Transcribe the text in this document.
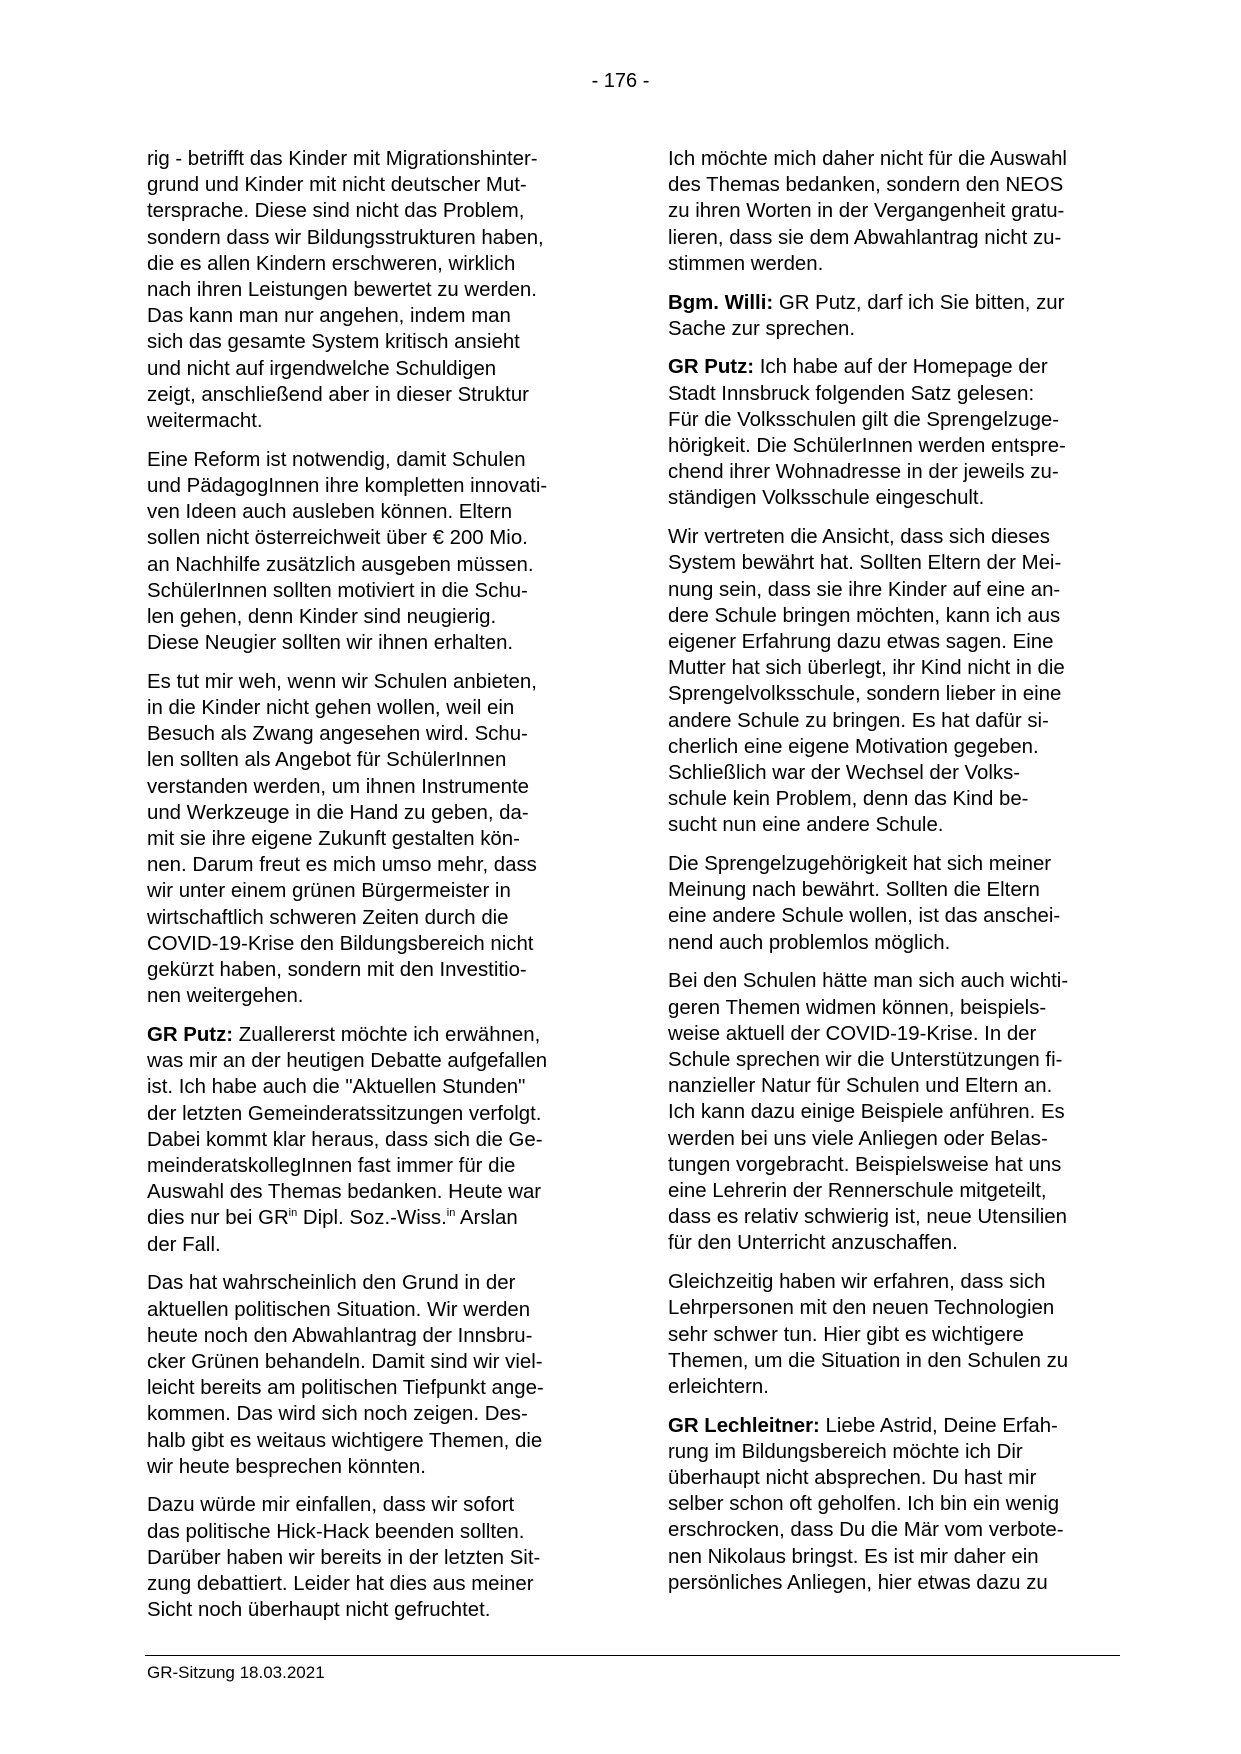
- 176 -

rig - betrifft das Kinder mit Migrationshinter-
grund und Kinder mit nicht deutscher Mut-
tersprache. Diese sind nicht das Problem,
sondern dass wir Bildungsstrukturen haben,
die es allen Kindern erschweren, wirklich
nach ihren Leistungen bewertet zu werden.
Das kann man nur angehen, indem man
sich das gesamte System kritisch ansieht
und nicht auf irgendwelche Schuldigen
zeigt, anschließend aber in dieser Struktur
weitermacht.

Eine Reform ist notwendig, damit Schulen
und PädagogInnen ihre kompletten innovati-
ven Ideen auch ausleben können. Eltern
sollen nicht österreichweit über € 200 Mio.
an Nachhilfe zusätzlich ausgeben müssen.
SchülerInnen sollten motiviert in die Schu-
len gehen, denn Kinder sind neugierig.
Diese Neugier sollten wir ihnen erhalten.

Es tut mir weh, wenn wir Schulen anbieten,
in die Kinder nicht gehen wollen, weil ein
Besuch als Zwang angesehen wird. Schu-
len sollten als Angebot für SchülerInnen
verstanden werden, um ihnen Instrumente
und Werkzeuge in die Hand zu geben, da-
mit sie ihre eigene Zukunft gestalten kön-
nen. Darum freut es mich umso mehr, dass
wir unter einem grünen Bürgermeister in
wirtschaftlich schweren Zeiten durch die
COVID-19-Krise den Bildungsbereich nicht
gekürzt haben, sondern mit den Investitio-
nen weitergehen.

GR Putz: Zuallererst möchte ich erwähnen,
was mir an der heutigen Debatte aufgefallen
ist. Ich habe auch die "Aktuellen Stunden"
der letzten Gemeinderatssitzungen verfolgt.
Dabei kommt klar heraus, dass sich die Ge-
meinderatskollegInnen fast immer für die
Auswahl des Themas bedanken. Heute war
dies nur bei $GR^{in}$ Dipl. Soz.-Wiss.$^{in}$ Arslan
der Fall.

Das hat wahrscheinlich den Grund in der
aktuellen politischen Situation. Wir werden
heute noch den Abwahlantrag der Innsbru-
cker Grünen behandeln. Damit sind wir viel-
leicht bereits am politischen Tiefpunkt ange-
kommen. Das wird sich noch zeigen. Des-
halb gibt es weitaus wichtigere Themen, die
wir heute besprechen könnten.

Dazu würde mir einfallen, dass wir sofort
das politische Hick-Hack beenden sollten.
Darüber haben wir bereits in der letzten Sit-
zung debattiert. Leider hat dies aus meiner
Sicht noch überhaupt nicht gefruchtet.

Ich möchte mich daher nicht für die Auswahl
des Themas bedanken, sondern den NEOS
zu ihren Worten in der Vergangenheit gratu-
lieren, dass sie dem Abwahlantrag nicht zu-
stimmen werden.

Bgm. Willi: GR Putz, darf ich Sie bitten, zur
Sache zur sprechen.

GR Putz: Ich habe auf der Homepage der
Stadt Innsbruck folgenden Satz gelesen:
Für die Volksschulen gilt die Sprengelzuge-
hörigkeit. Die SchülerInnen werden entspre-
chend ihrer Wohnadresse in der jeweils zu-
ständigen Volksschule eingeschult.

Wir vertreten die Ansicht, dass sich dieses
System bewährt hat. Sollten Eltern der Mei-
nung sein, dass sie ihre Kinder auf eine an-
dere Schule bringen möchten, kann ich aus
eigener Erfahrung dazu etwas sagen. Eine
Mutter hat sich überlegt, ihr Kind nicht in die
Sprengelvolksschule, sondern lieber in eine
andere Schule zu bringen. Es hat dafür si-
cherlich eine eigene Motivation gegeben.
Schließlich war der Wechsel der Volks-
schule kein Problem, denn das Kind be-
sucht nun eine andere Schule.

Die Sprengelzugehörigkeit hat sich meiner
Meinung nach bewährt. Sollten die Eltern
eine andere Schule wollen, ist das anschei-
nend auch problemlos möglich.

Bei den Schulen hätte man sich auch wichti-
geren Themen widmen können, beispiels-
weise aktuell der COVID-19-Krise. In der
Schule sprechen wir die Unterstützungen fi-
nanzieller Natur für Schulen und Eltern an.
Ich kann dazu einige Beispiele anführen. Es
werden bei uns viele Anliegen oder Belas-
tungen vorgebracht. Beispielsweise hat uns
eine Lehrerin der Rennerschule mitgeteilt,
dass es relativ schwierig ist, neue Utensilien
für den Unterricht anzuschaffen.

Gleichzeitig haben wir erfahren, dass sich
Lehrpersonen mit den neuen Technologien
sehr schwer tun. Hier gibt es wichtigere
Themen, um die Situation in den Schulen zu
erleichtern.

GR Lechleitner: Liebe Astrid, Deine Erfah-
rung im Bildungsbereich möchte ich Dir
überhaupt nicht absprechen. Du hast mir
selber schon oft geholfen. Ich bin ein wenig
erschrocken, dass Du die Mär vom verbote-
nen Nikolaus bringst. Es ist mir daher ein
persönliches Anliegen, hier etwas dazu zu

GR-Sitzung 18.03.2021
